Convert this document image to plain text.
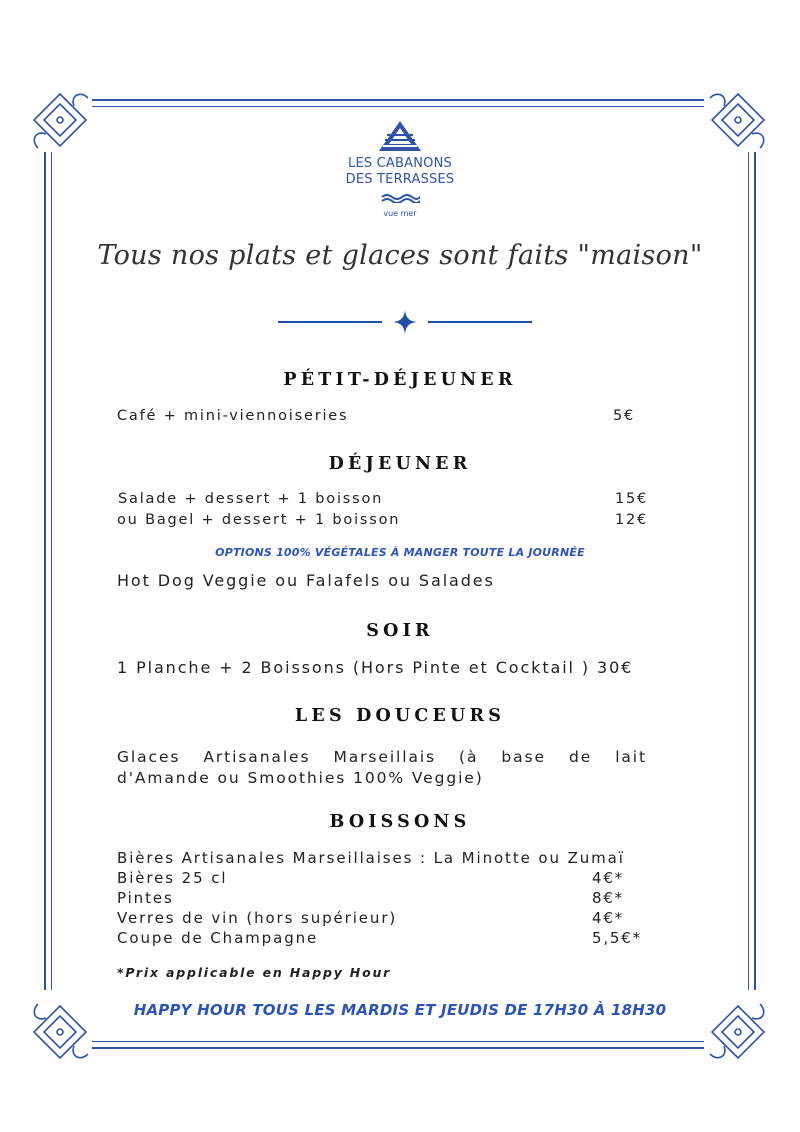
LES CABANONS
DES TERRASSES
vue mer
Tous nos plats et glaces sont faits "maison"
PÉTIT-DÉJEUNER
Café + mini-viennoiseries	5€
DÉJEUNER
Salade + dessert + 1 boisson	15€
ou Bagel + dessert + 1 boisson	12€
OPTIONS 100% VÉGÉTALES À MANGER TOUTE LA JOURNÉE
Hot Dog Veggie ou Falafels ou Salades
SOIR
1 Planche + 2 Boissons (Hors Pinte et Cocktail ) 30€
LES DOUCEURS
Glaces Artisanales Marseillais (à base de lait d'Amande ou Smoothies 100% Veggie)
BOISSONS
Bières Artisanales Marseillaises : La Minotte ou Zumaï
Bières 25 cl	4€*
Pintes	8€*
Verres de vin (hors supérieur)	4€*
Coupe de Champagne	5,5€*
*Prix applicable en Happy Hour
HAPPY HOUR TOUS LES MARDIS ET JEUDIS DE 17H30 À 18H30
